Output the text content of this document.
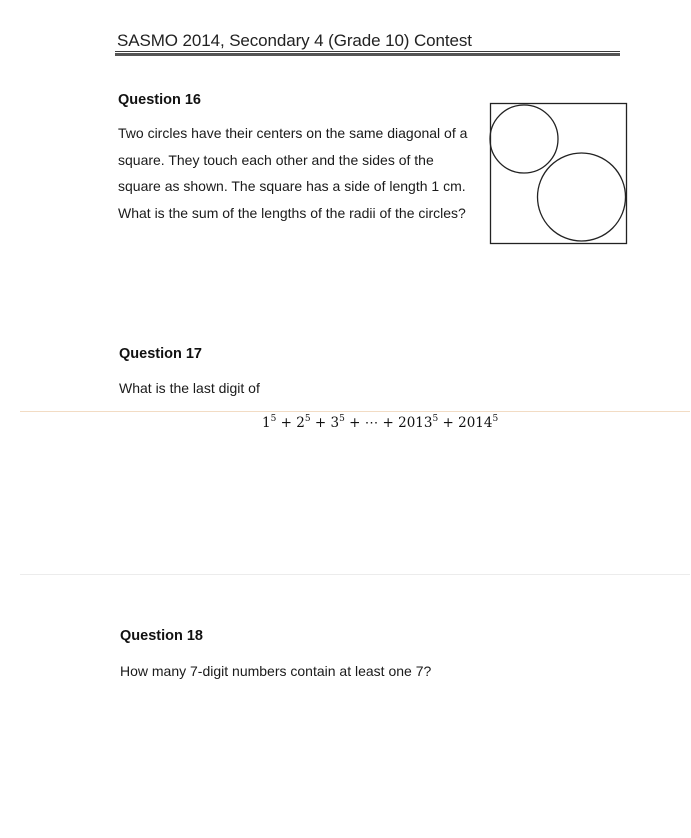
SASMO 2014, Secondary 4 (Grade 10) Contest
Question 16
Two circles have their centers on the same diagonal of a
square. They touch each other and the sides of the
square as shown. The square has a side of length 1 cm.
What is the sum of the lengths of the radii of the circles?
Question 17
What is the last digit of
$1^5 + 2^5 + 3^5$ + ⋯ + $2013^5 + 2014^5$
Question 18
How many 7-digit numbers contain at least one 7?
